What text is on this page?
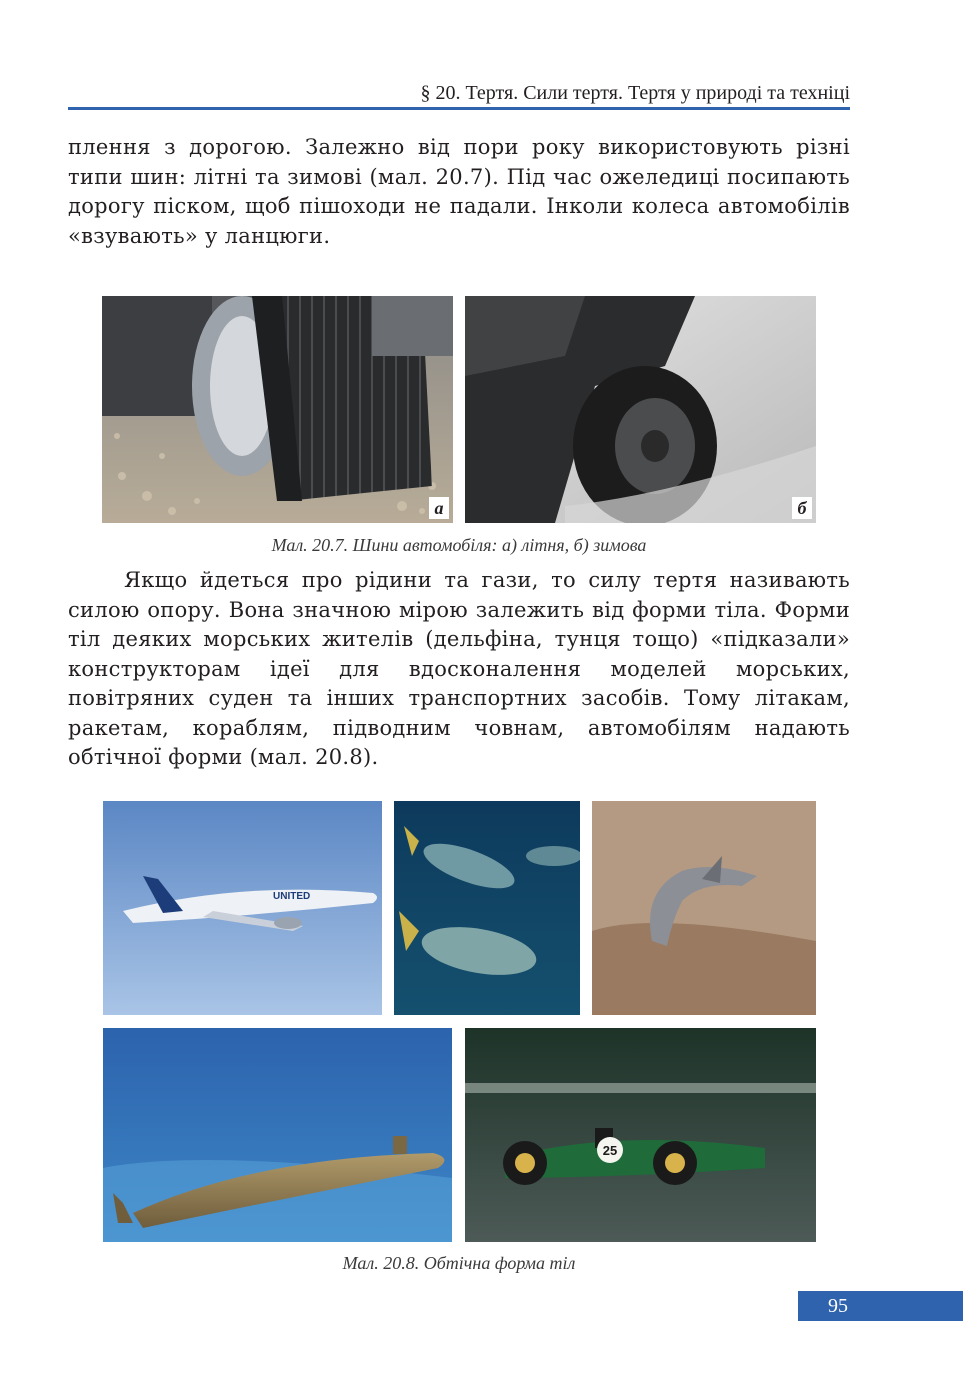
§ 20. Тертя. Сили тертя. Тертя у природі та техніці

плення з дорогою. Залежно від пори року використовують різні типи шин: літні та зимові (мал. 20.7). Під час ожеледиці посипають дорогу піском, щоб пішоходи не падали. Інколи колеса автомобілів «взувають» у ланцюги.

а	б
Мал. 20.7. Шини автомобіля: а) літня, б) зимова

Якщо йдеться про рідини та гази, то силу тертя називають силою опору. Вона значною мірою залежить від форми тіла. Форми тіл деяких морських жителів (дельфіна, тунця тощо) «підказали» конструкторам ідеї для вдосконалення моделей морських, повітряних суден та інших транспортних засобів. Тому літакам, ракетам, кораблям, підводним човнам, автомобілям надають обтічної форми (мал. 20.8).

UNITED
25
Мал. 20.8. Обтічна форма тіл
95
